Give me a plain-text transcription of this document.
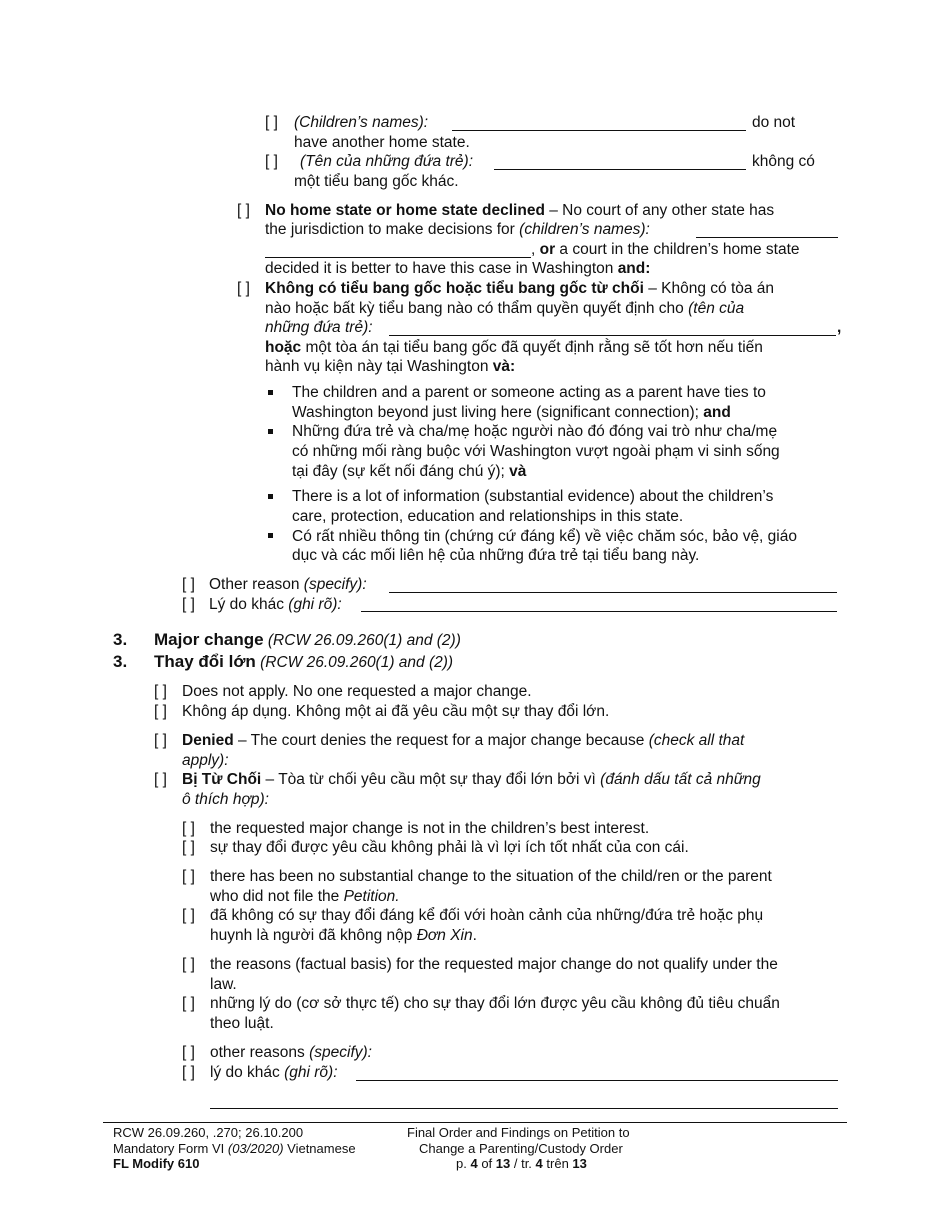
[ ] (Children’s names):	do not
have another home state.
[ ] (Tên của những đứa trẻ):	không có
một tiểu bang gốc khác.
[ ] No home state or home state declined – No court of any other state has
the jurisdiction to make decisions for (children’s names):
, or a court in the children’s home state
decided it is better to have this case in Washington and:
[ ] Không có tiểu bang gốc hoặc tiểu bang gốc từ chối – Không có tòa án
nào hoặc bất kỳ tiểu bang nào có thẩm quyền quyết định cho (tên của
những đứa trẻ):	,
hoặc một tòa án tại tiểu bang gốc đã quyết định rằng sẽ tốt hơn nếu tiến
hành vụ kiện này tại Washington và:
The children and a parent or someone acting as a parent have ties to
Washington beyond just living here (significant connection); and
Những đứa trẻ và cha/mẹ hoặc người nào đó đóng vai trò như cha/mẹ
có những mối ràng buộc với Washington vượt ngoài phạm vi sinh sống
tại đây (sự kết nối đáng chú ý); và
There is a lot of information (substantial evidence) about the children’s
care, protection, education and relationships in this state.
Có rất nhiều thông tin (chứng cứ đáng kể) về việc chăm sóc, bảo vệ, giáo
dục và các mối liên hệ của những đứa trẻ tại tiểu bang này.
[ ] Other reason (specify):
[ ] Lý do khác (ghi rõ):
3. Major change (RCW 26.09.260(1) and (2))
3. Thay đổi lớn (RCW 26.09.260(1) and (2))
[ ] Does not apply. No one requested a major change.
[ ] Không áp dụng. Không một ai đã yêu cầu một sự thay đổi lớn.
[ ] Denied – The court denies the request for a major change because (check all that
apply):
[ ] Bị Từ Chối – Tòa từ chối yêu cầu một sự thay đổi lớn bởi vì (đánh dấu tất cả những
ô thích hợp):
[ ] the requested major change is not in the children’s best interest.
[ ] sự thay đổi được yêu cầu không phải là vì lợi ích tốt nhất của con cái.
[ ] there has been no substantial change to the situation of the child/ren or the parent
who did not file the Petition.
[ ] đã không có sự thay đổi đáng kể đối với hoàn cảnh của những/đứa trẻ hoặc phụ
huynh là người đã không nộp Đơn Xin.
[ ] the reasons (factual basis) for the requested major change do not qualify under the
law.
[ ] những lý do (cơ sở thực tế) cho sự thay đổi lớn được yêu cầu không đủ tiêu chuẩn
theo luật.
[ ] other reasons (specify):
[ ] lý do khác (ghi rõ):
RCW 26.09.260, .270; 26.10.200
Mandatory Form VI (03/2020) Vietnamese
FL Modify 610
Final Order and Findings on Petition to
Change a Parenting/Custody Order
p. 4 of 13 / tr. 4 trên 13
